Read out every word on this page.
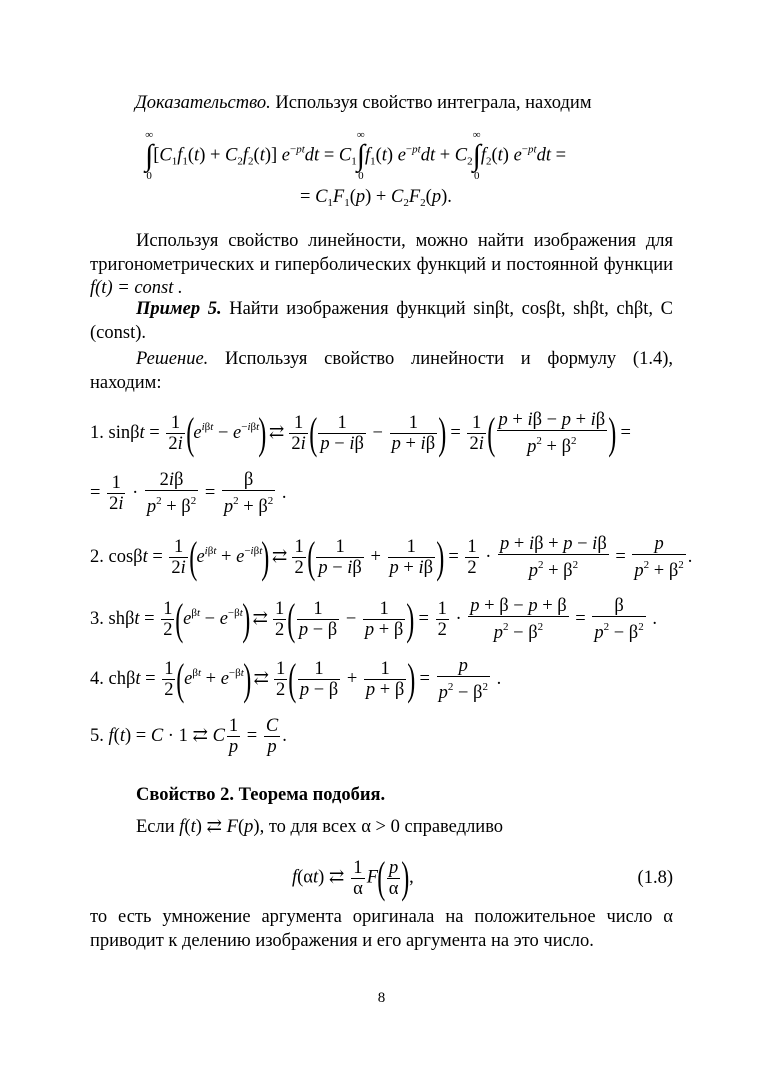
Доказательство. Используя свойство интеграла, находим
∞
∫
$0[C_1f_1(t) + C_2f_2(t)] e^{-pt}dt = C_1\infty$
∫
$0f_1(t) e^{-pt}dt + C_2\infty$
∫
$0f_2(t) e^{-pt}dt$ =
= $C_1F_1(p) + C_2F_2(p)$.
Используя свойство линейности, можно найти изображения для тригонометрических и гиперболических функций и постоянной функции f(t) = const .
Пример 5. Найти изображения функций sinβt, cosβt, shβt, chβt, C (const).
Решение. Используя свойство линейности и формулу (1.4), находим:
1. $\sin\beta t = \frac{1}{2i} (e^{i\beta t} - e^{-i\beta t})$ ⇄ $\frac{1}{2i}$ ( $\frac{1}{p - i\beta} - \frac{1}{p + i\beta}$ ) = $\frac{1}{2i}$ ( $\frac{p + i\beta - p + i\beta}{p^2 + \beta^2}$ ) =
= $\frac{1}{2i} \cdot \frac{2i\beta}{p^2 + \beta^2} = \frac{\beta}{p^2 + \beta^2}$ .
2. $\cos\beta t = \frac{1}{2i} (e^{i\beta t} + e^{-i\beta t})$ ⇄ $\frac{1}{2}$ ( $\frac{1}{p - i\beta} + \frac{1}{p + i\beta}$ ) = $\frac{1}{2} \cdot \frac{p + i\beta + p - i\beta}{p^2 + \beta^2} = \frac{p}{p^2 + \beta^2}$ .
3. $sh\beta t = \frac{1}{2} (e^{\beta t} - e^{-\beta t})$ ⇄ $\frac{1}{2}$ ( $\frac{1}{p - \beta} - \frac{1}{p + \beta}$ ) = $\frac{1}{2} \cdot \frac{p + \beta - p + \beta}{p^2 - \beta^2} = \frac{\beta}{p^2 - \beta^2}$ .
4. $ch\beta t = \frac{1}{2} (e^{\beta t} + e^{-\beta t})$ ⇄ $\frac{1}{2}$ ( $\frac{1}{p - \beta} + \frac{1}{p + \beta}$ ) = $\frac{p}{p^2 - \beta^2}$ .
5. f(t) = C · 1 ⇄ C $\frac{1}{p} = \frac{C}{p}$ .
Свойство 2. Теорема подобия.
Если f(t) ⇄ F(p), то для всех α > 0 справедливо
f(αt) ⇄ $\frac{1}{\alpha} F( \frac{p}{\alpha}$ ),	(1.8)
то есть умножение аргумента оригинала на положительное число α приводит к делению изображения и его аргумента на это число.
8
